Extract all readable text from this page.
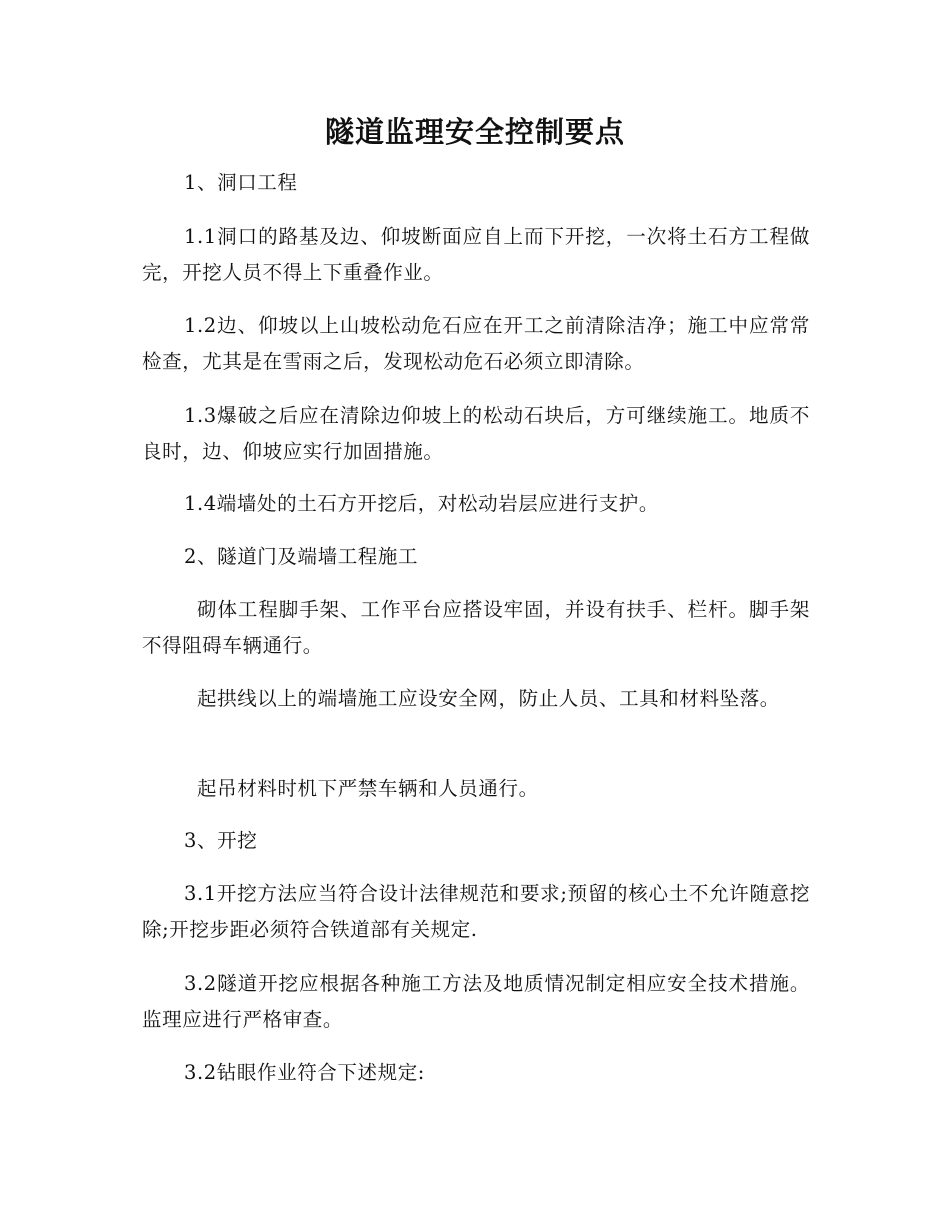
隧道监理安全控制要点

1、洞口工程

1.1洞口的路基及边、仰坡断面应自上而下开挖，一次将土石方工程做完，开挖人员不得上下重叠作业。

1.2边、仰坡以上山坡松动危石应在开工之前清除洁净；施工中应常常检查，尤其是在雪雨之后，发现松动危石必须立即清除。

1.3爆破之后应在清除边仰坡上的松动石块后，方可继续施工。地质不良时，边、仰坡应实行加固措施。

1.4端墙处的土石方开挖后，对松动岩层应进行支护。

2、隧道门及端墙工程施工

砌体工程脚手架、工作平台应搭设牢固，并设有扶手、栏杆。脚手架不得阻碍车辆通行。

起拱线以上的端墙施工应设安全网，防止人员、工具和材料坠落。

起吊材料时机下严禁车辆和人员通行。

3、开挖

3.1开挖方法应当符合设计法律规范和要求;预留的核心土不允许随意挖除;开挖步距必须符合铁道部有关规定.

3.2隧道开挖应根据各种施工方法及地质情况制定相应安全技术措施。监理应进行严格审查。

3.2钻眼作业符合下述规定:
